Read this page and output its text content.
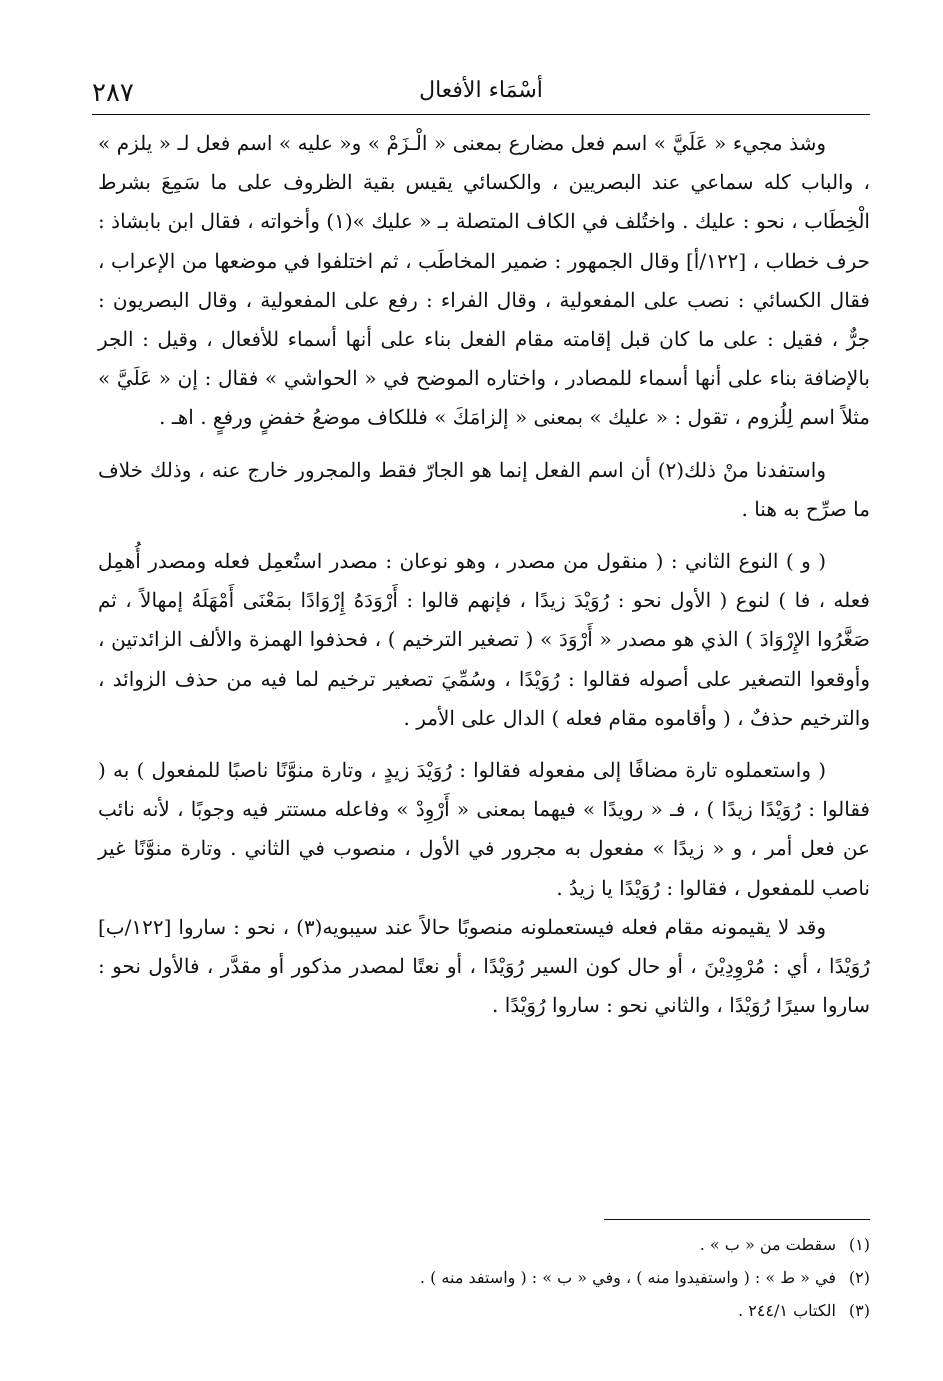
أسْمَاء الأفعال
٢٨٧

وشذ مجيء « عَلَيَّ » اسم فعل مضارع بمعنى « الْـزَمْ » و« عليه » اسم فعل لـ « يلزم » ، والباب كله سماعي عند البصريين ، والكسائي يقيس بقية الظروف على ما سَمِعَ بشرط الْخِطَاب ، نحو : عليك . واختُلف في الكاف المتصلة بـ « عليك »(١) وأخواته ، فقال ابن بابشاذ : حرف خطاب ، [١٢٢/أ] وقال الجمهور : ضمير المخاطَب ، ثم اختلفوا في موضعها من الإعراب ، فقال الكسائي : نصب على المفعولية ، وقال الفراء : رفع على المفعولية ، وقال البصريون : جرٌّ ، فقيل : على ما كان قبل إقامته مقام الفعل بناء على أنها أسماء للأفعال ، وقيل : الجر بالإضافة بناء على أنها أسماء للمصادر ، واختاره الموضح في « الحواشي » فقال : إن « عَلَيَّ » مثلاً اسم لِلُزوم ، تقول : « عليك » بمعنى « إلزامَكَ » فللكاف موضعُ خفضٍ ورفعٍ . اهـ .

واستفدنا منْ ذلك(٢) أن اسم الفعل إنما هو الجارّ فقط والمجرور خارج عنه ، وذلك خلاف ما صرِّح به هنا .

( و ) النوع الثاني : ( منقول من مصدر ، وهو نوعان : مصدر استُعمِل فعله ومصدر أُهمِل فعله ، فا ) لنوع ( الأول نحو : رُوَيْدَ زيدًا ، فإنهم قالوا : أَرْوَدَهُ إِرْوَادًا بمَعْنَى أَمْهَلَهُ إمهالاً ، ثم صَغَّرُوا الإِرْوَادَ ) الذي هو مصدر « أَرْوَدَ » ( تصغير الترخيم ) ، فحذفوا الهمزة والألف الزائدتين ، وأوقعوا التصغير على أصوله فقالوا : رُوَيْدًا ، وسُمِّيَ تصغير ترخيم لما فيه من حذف الزوائد ، والترخيم حذفٌ ، ( وأقاموه مقام فعله ) الدال على الأمر .

( واستعملوه تارة مضافًا إلى مفعوله فقالوا : رُوَيْدَ زيدٍ ، وتارة منوَّنًا ناصبًا للمفعول ) به ( فقالوا : رُوَيْدًا زيدًا ) ، فـ « رويدًا » فيهما بمعنى « أَرْوِدْ » وفاعله مستتر فيه وجوبًا ، لأنه نائب عن فعل أمر ، و « زيدًا » مفعول به مجرور في الأول ، منصوب في الثاني . وتارة منوَّنًا غير ناصب للمفعول ، فقالوا : رُوَيْدًا يا زيدُ .

وقد لا يقيمونه مقام فعله فيستعملونه منصوبًا حالاً عند سيبويه(٣) ، نحو : ساروا [١٢٢/ب] رُوَيْدًا ، أي : مُرْوِدِيْنَ ، أو حال كون السير رُوَيْدًا ، أو نعتًا لمصدر مذكور أو مقدَّر ، فالأول نحو : ساروا سيرًا رُوَيْدًا ، والثاني نحو : ساروا رُوَيْدًا .

(١)
سقطت من « ب » .
(٢)
في « ط » : ( واستفيدوا منه ) ، وفي « ب » : ( واستفد منه ) .
(٣)
الكتاب ٢٤٤/١ .
